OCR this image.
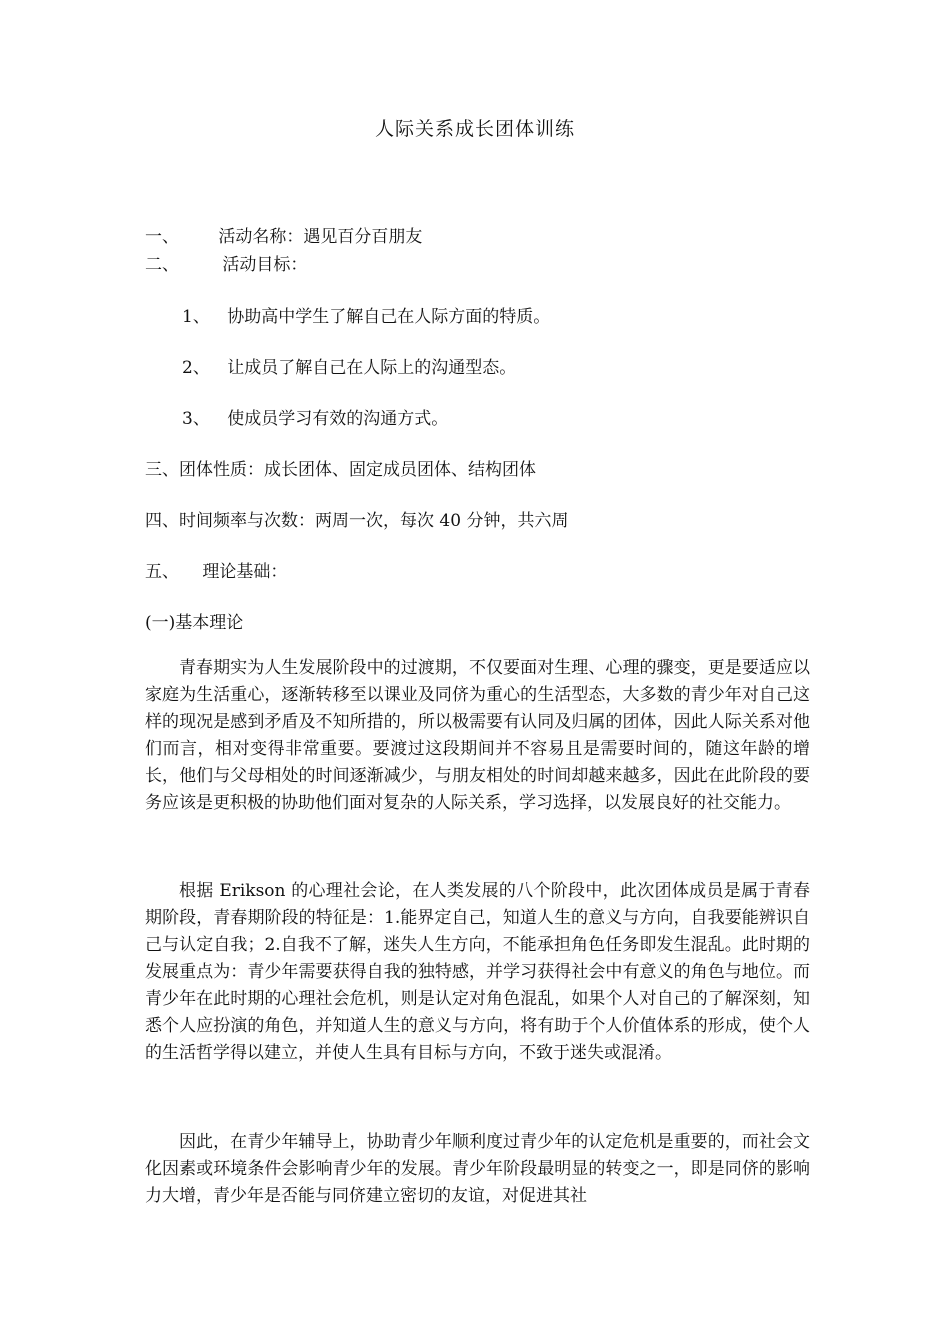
人际关系成长团体训练
一、 活动名称：遇见百分百朋友
二、	活动目标：
1、 协助高中学生了解自己在人际方面的特质。
2、 让成员了解自己在人际上的沟通型态。
3、 使成员学习有效的沟通方式。
三、团体性质：成长团体、固定成员团体、结构团体
四、时间频率与次数：两周一次，每次 40 分钟，共六周
五、 理论基础：
(一)基本理论
青春期实为人生发展阶段中的过渡期，不仅要面对生理、心理的骤变，更是要适应以家庭为生活重心，逐渐转移至以课业及同侪为重心的生活型态，大多数的青少年对自己这样的现况是感到矛盾及不知所措的，所以极需要有认同及归属的团体，因此人际关系对他们而言，相对变得非常重要。要渡过这段期间并不容易且是需要时间的，随这年龄的增长，他们与父母相处的时间逐渐减少，与朋友相处的时间却越来越多，因此在此阶段的要务应该是更积极的协助他们面对复杂的人际关系，学习选择，以发展良好的社交能力。
根据 Erikson 的心理社会论，在人类发展的八个阶段中，此次团体成员是属于青春期阶段，青春期阶段的特征是：1.能界定自己，知道人生的意义与方向，自我要能辨识自己与认定自我；2.自我不了解，迷失人生方向，不能承担角色任务即发生混乱。此时期的发展重点为：青少年需要获得自我的独特感，并学习获得社会中有意义的角色与地位。而青少年在此时期的心理社会危机，则是认定对角色混乱，如果个人对自己的了解深刻，知悉个人应扮演的角色，并知道人生的意义与方向，将有助于个人价值体系的形成，使个人的生活哲学得以建立，并使人生具有目标与方向，不致于迷失或混淆。
因此，在青少年辅导上，协助青少年顺利度过青少年的认定危机是重要的，而社会文化因素或环境条件会影响青少年的发展。青少年阶段最明显的转变之一，即是同侪的影响力大增，青少年是否能与同侪建立密切的友谊，对促进其社
